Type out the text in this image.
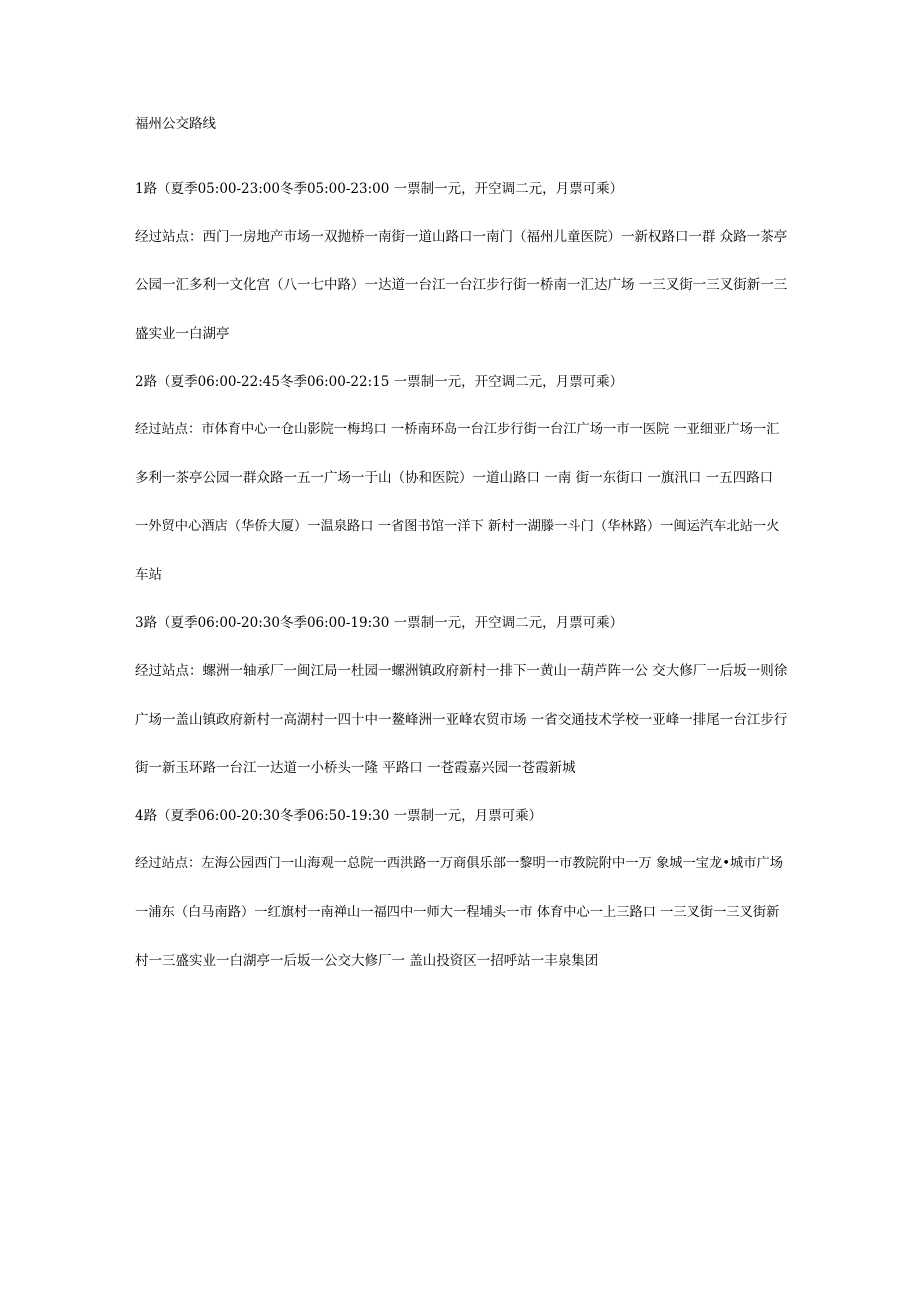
福州公交路线
1路（夏季05:00-23:00冬季05:00-23:00 一票制一元，开空调二元，月票可乘）
经过站点：西门一房地产市场一双抛桥一南街一道山路口一南门（福州儿童医院）一新权路口一群 众路一茶亭
公园一汇多利一文化宫（八一七中路）一达道一台江一台江步行街一桥南一汇达广场 一三叉街一三叉街新一三
盛实业一白湖亭
2路（夏季06:00-22:45冬季06:00-22:15 一票制一元，开空调二元，月票可乘）
经过站点：市体育中心一仓山影院一梅坞口 一桥南环岛一台江步行街一台江广场一市一医院 一亚细亚广场一汇
多利一茶亭公园一群众路一五一广场一于山（协和医院）一道山路口 一南 街一东街口 一旗汛口 一五四路口
一外贸中心酒店（华侨大厦）一温泉路口 一省图书馆一洋下 新村一湖滕一斗门（华林路）一闽运汽车北站一火
车站
3路（夏季06:00-20:30冬季06:00-19:30 一票制一元，开空调二元，月票可乘）
经过站点：螺洲一轴承厂一闽江局一杜园一螺洲镇政府新村一排下一黄山一葫芦阵一公 交大修厂一后坂一则徐
广场一盖山镇政府新村一高湖村一四十中一鳌峰洲一亚峰农贸市场 一省交通技术学校一亚峰一排尾一台江步行
街一新玉环路一台江一达道一小桥头一隆 平路口 一苍霞嘉兴园一苍霞新城
4路（夏季06:00-20:30冬季06:50-19:30 一票制一元，月票可乘）
经过站点：左海公园西门一山海观一总院一西洪路一万商俱乐部一黎明一市教院附中一万 象城一宝龙•城市广场
一浦东（白马南路）一红旗村一南禅山一福四中一师大一程埔头一市 体育中心一上三路口 一三叉街一三叉街新
村一三盛实业一白湖亭一后坂一公交大修厂一 盖山投资区一招呼站一丰泉集团
